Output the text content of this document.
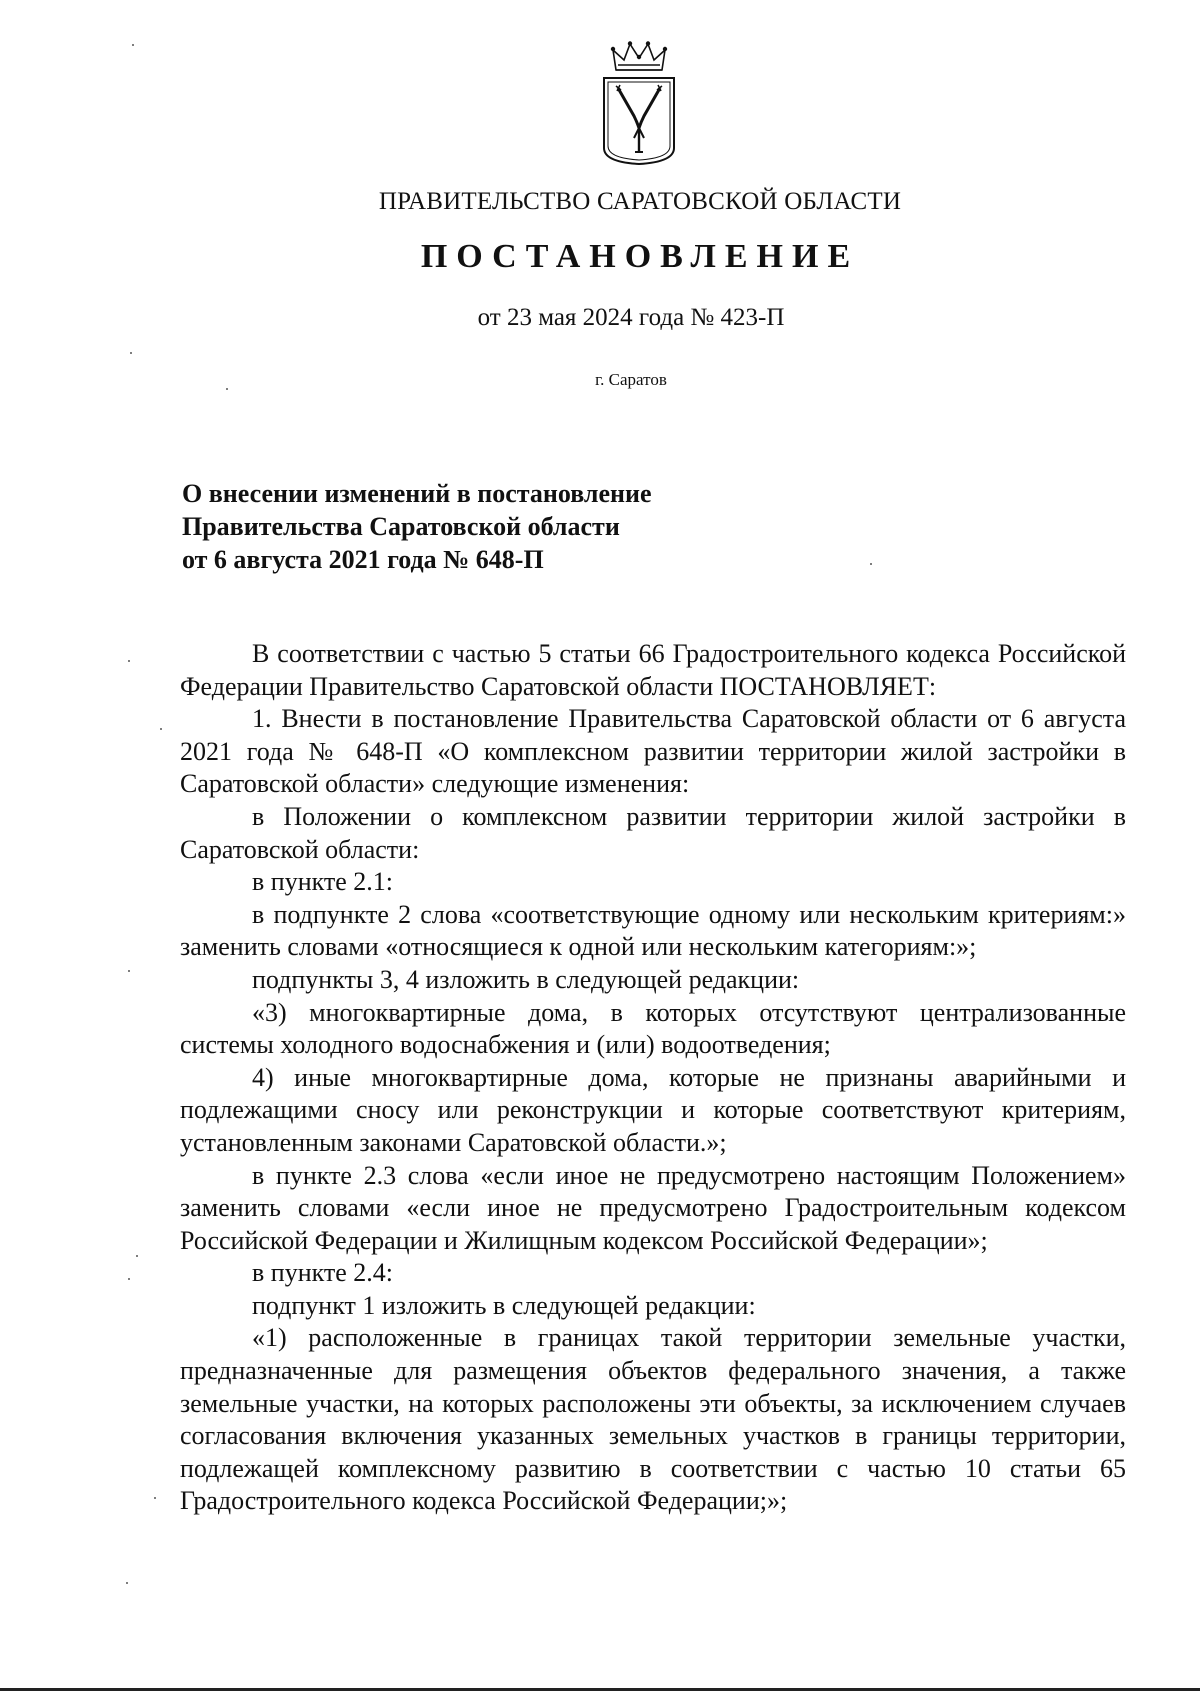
ПРАВИТЕЛЬСТВО САРАТОВСКОЙ ОБЛАСТИ
ПОСТАНОВЛЕНИЕ
от 23 мая 2024 года № 423-П
г. Саратов
О внесении изменений в постановление
Правительства Саратовской области
от 6 августа 2021 года № 648-П

В соответствии с частью 5 статьи 66 Градостроительного кодекса Российской Федерации Правительство Саратовской области ПОСТАНОВЛЯЕТ:

1. Внести в постановление Правительства Саратовской области от 6 августа 2021 года № 648-П «О комплексном развитии территории жилой застройки в Саратовской области» следующие изменения:

в Положении о комплексном развитии территории жилой застройки в Саратовской области:

в пункте 2.1:

в подпункте 2 слова «соответствующие одному или нескольким критериям:» заменить словами «относящиеся к одной или нескольким категориям:»;

подпункты 3, 4 изложить в следующей редакции:

«3) многоквартирные дома, в которых отсутствуют централизованные системы холодного водоснабжения и (или) водоотведения;

4) иные многоквартирные дома, которые не признаны аварийными и подлежащими сносу или реконструкции и которые соответствуют критериям, установленным законами Саратовской области.»;

в пункте 2.3 слова «если иное не предусмотрено настоящим Положением» заменить словами «если иное не предусмотрено Градостроительным кодексом Российской Федерации и Жилищным кодексом Российской Федерации»;

в пункте 2.4:

подпункт 1 изложить в следующей редакции:

«1) расположенные в границах такой территории земельные участки, предназначенные для размещения объектов федерального значения, а также земельные участки, на которых расположены эти объекты, за исключением случаев согласования включения указанных земельных участков в границы территории, подлежащей комплексному развитию в соответствии с частью 10 статьи 65 Градостроительного кодекса Российской Федерации;»;
